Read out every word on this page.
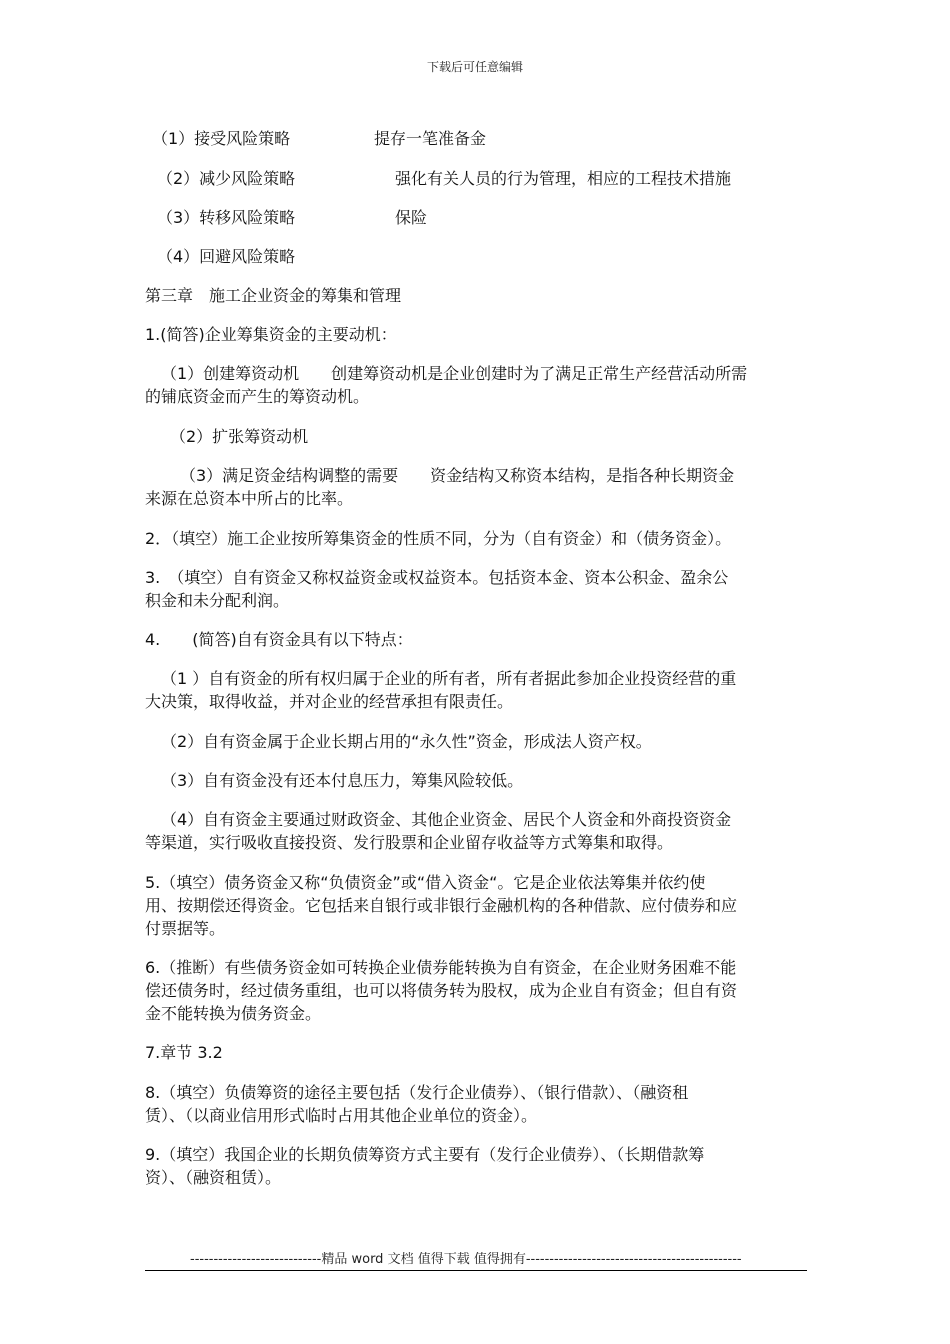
下载后可任意编辑
（1）接受风险策略	提存一笔准备金
（2）减少风险策略	强化有关人员的行为管理，相应的工程技术措施
（3）转移风险策略	保险
（4）回避风险策略
第三章　施工企业资金的筹集和管理
1.(简答)企业筹集资金的主要动机：
（1）创建筹资动机　　创建筹资动机是企业创建时为了满足正常生产经营活动所需
的铺底资金而产生的筹资动机。
（2）扩张筹资动机
（3）满足资金结构调整的需要　　资金结构又称资本结构，是指各种长期资金
来源在总资本中所占的比率。
2．（填空）施工企业按所筹集资金的性质不同，分为（自有资金）和（债务资金）。
3.　（填空）自有资金又称权益资金或权益资本。包括资本金、资本公积金、盈余公
积金和未分配利润。
4.　　(简答)自有资金具有以下特点：
（1 ）自有资金的所有权归属于企业的所有者，所有者据此参加企业投资经营的重
大决策，取得收益，并对企业的经营承担有限责任。
（2）自有资金属于企业长期占用的“永久性”资金，形成法人资产权。
（3）自有资金没有还本付息压力，筹集风险较低。
（4）自有资金主要通过财政资金、其他企业资金、居民个人资金和外商投资资金
等渠道，实行吸收直接投资、发行股票和企业留存收益等方式筹集和取得。
5.（填空）债务资金又称“负债资金”或“借入资金“。它是企业依法筹集并依约使
用、按期偿还得资金。它包括来自银行或非银行金融机构的各种借款、应付债券和应
付票据等。
6.（推断）有些债务资金如可转换企业债券能转换为自有资金，在企业财务困难不能
偿还债务时，经过债务重组，也可以将债务转为股权，成为企业自有资金；但自有资
金不能转换为债务资金。
7.章节 3.2
8.（填空）负债筹资的途径主要包括（发行企业债券）、（银行借款）、（融资租
赁）、（以商业信用形式临时占用其他企业单位的资金）。
9.（填空）我国企业的长期负债筹资方式主要有（发行企业债券）、（长期借款筹
资）、（融资租赁）。
----------------------------精品 word 文档 值得下载 值得拥有----------------------------------------------
